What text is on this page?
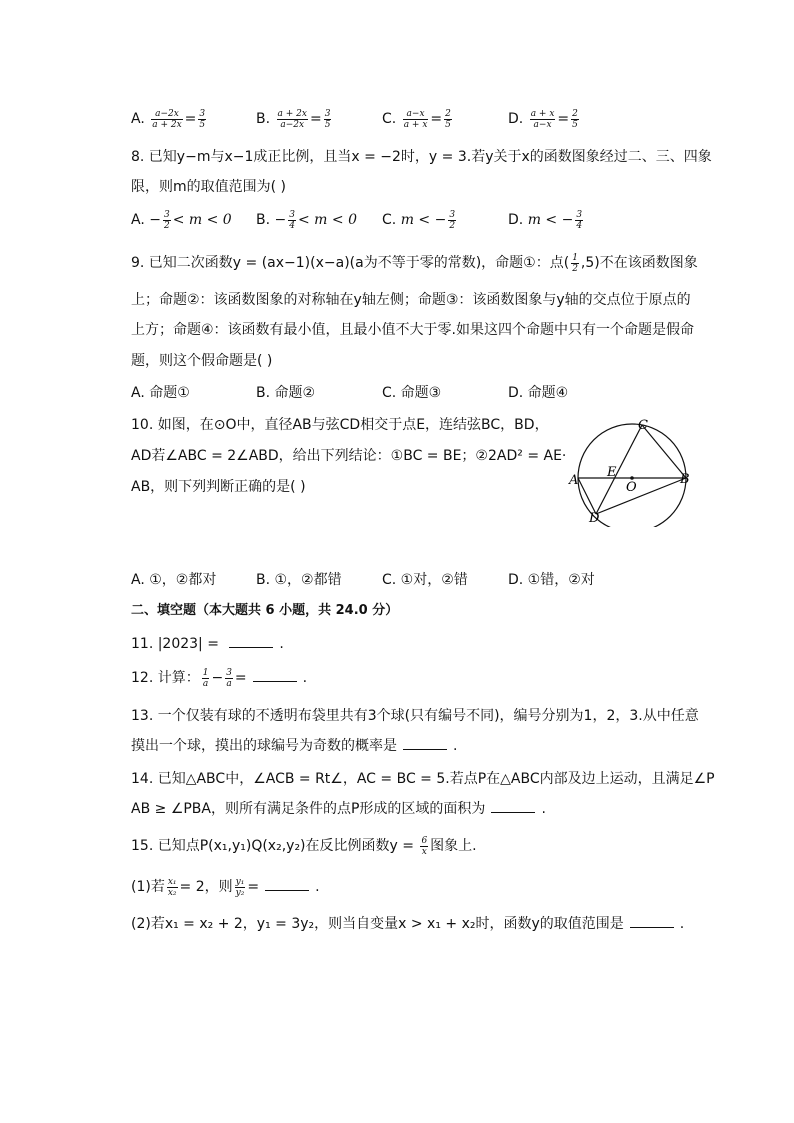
A. $\frac{a-2x}{a + 2x} = \frac{3}{5}$	B. $\frac{a + 2x}{a-2x} = \frac{3}{5}$	C. $\frac{a-x}{a + x} = \frac{2}{5}$	D. $\frac{a + x}{a-x} = \frac{2}{5}$
8. 已知y−m与x−1成正比例，且当x = −2时，y = 3.若y关于x的函数图象经过二、三、四象
限，则m的取值范围为( )
A. − $\frac{3}{2} < m < 0$ B. − $\frac{3}{4} < m < 0$ C. m < − $\frac{3}{2}$	D. m < − $\frac{3}{4}$
9. 已知二次函数y = (ax−1)(x−a)(a为不等于零的常数)，命题①：点( $\frac{1}{2} ,5$)不在该函数图象
上；命题②：该函数图象的对称轴在y轴左侧；命题③：该函数图象与y轴的交点位于原点的
上方；命题④：该函数有最小值，且最小值不大于零.如果这四个命题中只有一个命题是假命
题，则这个假命题是( )
A. 命题①	B. 命题②	C. 命题③	D. 命题④
10. 如图，在⊙O中，直径AB与弦CD相交于点E，连结弦BC，BD，
AD若∠ABC = 2∠ABD，给出下列结论：①BC = BE；②2AD² = AE·
AB，则下列判断正确的是( )
C
E
A	O
B
D
A. ①，②都对	B. ①，②都错	C. ①对，②错	D. ①错，②对
二、填空题（本大题共 6 小题，共 24.0 分）
11. |2023| =	.
12. 计算： $\frac{1}{a} - \frac{3}{a}$ =	.
13. 一个仅装有球的不透明布袋里共有3个球(只有编号不同)，编号分别为1，2，3.从中任意
摸出一个球，摸出的球编号为奇数的概率是	.
14. 已知△ABC中，∠ACB = Rt∠，AC = BC = 5.若点P在△ABC内部及边上运动，且满足∠P
AB ≥ ∠PBA，则所有满足条件的点P形成的区域的面积为	.
15. 已知点P(x₁,y₁)Q(x₂,y₂)在反比例函数$y = \frac{6}{x}$ 图象上.
(1)若 $\frac{\text{x₁}}{\text{x₂}} = 2$，则 $\frac{\text{y₁}}{\text{y₂}}$ =	.
(2)若x₁ = x₂ + 2，y₁ = 3y₂，则当自变量x > x₁ + x₂时，函数y的取值范围是	.
